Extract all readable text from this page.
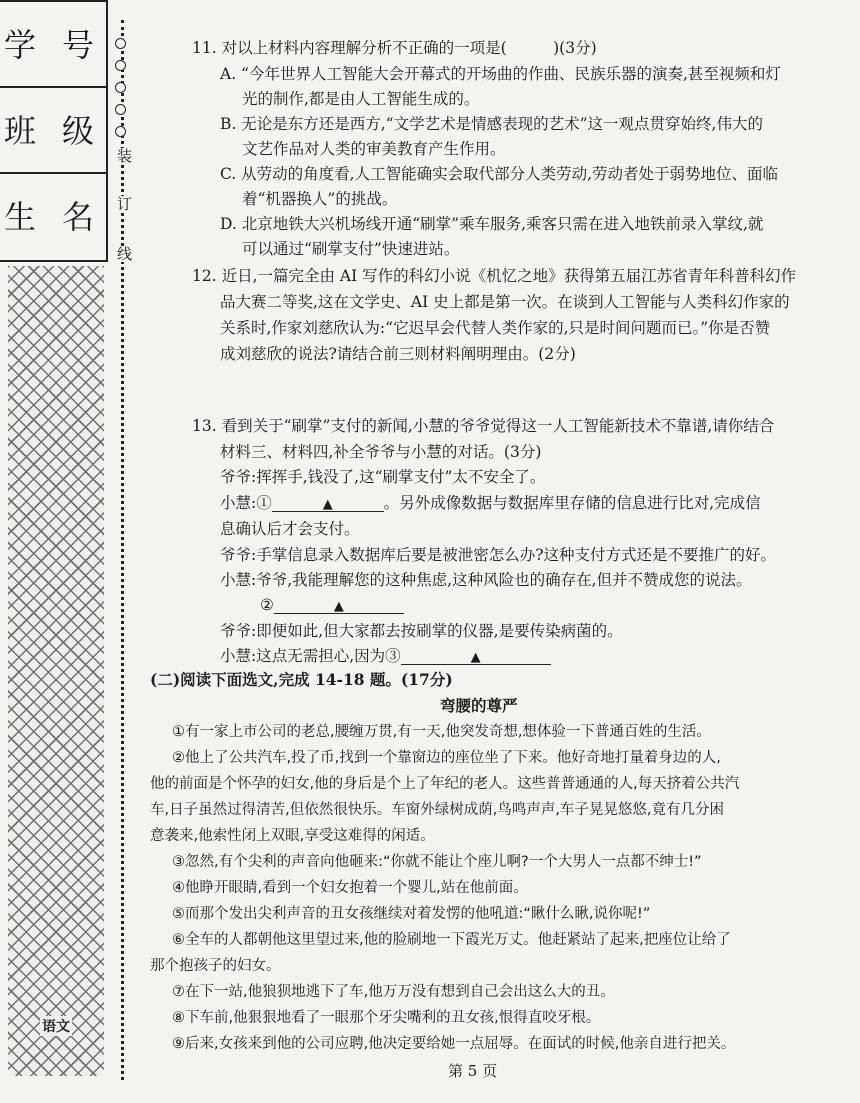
学 号
班 级
生 名
语文
装
订
线
11. 对以上材料内容理解分析不正确的一项是(　　　)(3分)
A. “今年世界人工智能大会开幕式的开场曲的作曲、民族乐器的演奏,甚至视频和灯
光的制作,都是由人工智能生成的。
B. 无论是东方还是西方,“文学艺术是情感表现的艺术”这一观点贯穿始终,伟大的
文艺作品对人类的审美教育产生作用。
C. 从劳动的角度看,人工智能确实会取代部分人类劳动,劳动者处于弱势地位、面临
着“机器换人”的挑战。
D. 北京地铁大兴机场线开通“刷掌”乘车服务,乘客只需在进入地铁前录入掌纹,就
可以通过“刷掌支付”快速进站。
12. 近日,一篇完全由 AI 写作的科幻小说《机忆之地》获得第五届江苏省青年科普科幻作
品大赛二等奖,这在文学史、AI 史上都是第一次。在谈到人工智能与人类科幻作家的
关系时,作家刘慈欣认为:“它迟早会代替人类作家的,只是时间问题而已。”你是否赞
成刘慈欣的说法?请结合前三则材料阐明理由。(2分)
13. 看到关于“刷掌”支付的新闻,小慧的爷爷觉得这一人工智能新技术不靠谱,请你结合
材料三、材料四,补全爷爷与小慧的对话。(3分)
爷爷:挥挥手,钱没了,这“刷掌支付”太不安全了。
小慧:①	▲	。另外成像数据与数据库里存储的信息进行比对,完成信
息确认后才会支付。
爷爷:手掌信息录入数据库后要是被泄密怎么办?这种支付方式还是不要推广的好。
小慧:爷爷,我能理解您的这种焦虑,这种风险也的确存在,但并不赞成您的说法。
②	▲
爷爷:即便如此,但大家都去按刷掌的仪器,是要传染病菌的。
小慧:这点无需担心,因为③	▲
(二)阅读下面选文,完成 14-18 题。(17分)
弯腰的尊严
①有一家上市公司的老总,腰缠万贯,有一天,他突发奇想,想体验一下普通百姓的生活。
②他上了公共汽车,投了币,找到一个靠窗边的座位坐了下来。他好奇地打量着身边的人,
他的前面是个怀孕的妇女,他的身后是个上了年纪的老人。这些普普通通的人,每天挤着公共汽
车,日子虽然过得清苦,但依然很快乐。车窗外绿树成荫,鸟鸣声声,车子晃晃悠悠,竟有几分困
意袭来,他索性闭上双眼,享受这难得的闲适。
③忽然,有个尖利的声音向他砸来:“你就不能让个座儿啊?一个大男人一点都不绅士!”
④他睁开眼睛,看到一个妇女抱着一个婴儿,站在他前面。
⑤而那个发出尖利声音的丑女孩继续对着发愣的他吼道:“瞅什么瞅,说你呢!”
⑥全车的人都朝他这里望过来,他的脸刷地一下霞光万丈。他赶紧站了起来,把座位让给了
那个抱孩子的妇女。
⑦在下一站,他狼狈地逃下了车,他万万没有想到自己会出这么大的丑。
⑧下车前,他狠狠地看了一眼那个牙尖嘴利的丑女孩,恨得直咬牙根。
⑨后来,女孩来到他的公司应聘,他决定要给她一点屈辱。在面试的时候,他亲自进行把关。
第 5 页
